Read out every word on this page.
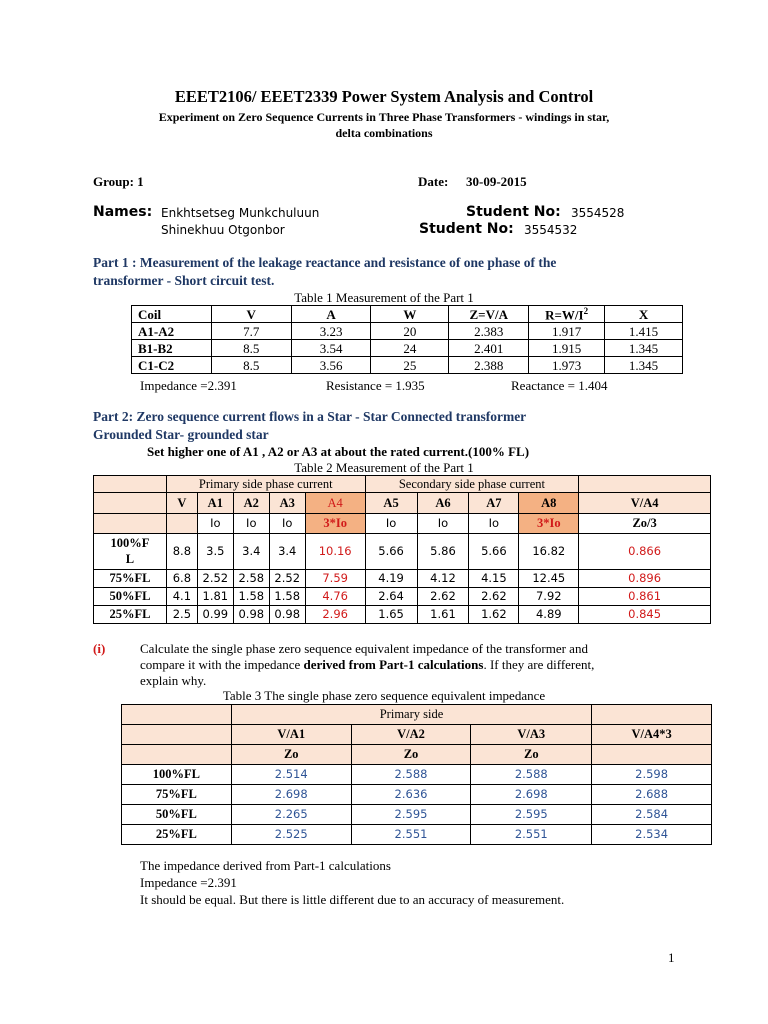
EEET2106/ EEET2339 Power System Analysis and Control
Experiment on Zero Sequence Currents in Three Phase Transformers - windings in star,
delta combinations
Group: 1	Date: 30-09-2015
Names: Enkhtsetseg Munkchuluun
Shinekhuu Otgonbor
Student No: 3554528
Student No: 3554532
Part 1 : Measurement of the leakage reactance and resistance of one phase of the
transformer - Short circuit test.
Table 1 Measurement of the Part 1
Coil	V	A	W	Z=V/A	$R=W/I^2$	X
A1-A2	7.7	3.23	20	2.383	1.917	1.415
B1-B2	8.5	3.54	24	2.401	1.915	1.345
C1-C2	8.5	3.56	25	2.388	1.973	1.345
Impedance =2.391	Resistance = 1.935	Reactance = 1.404
Part 2: Zero sequence current flows in a Star - Star Connected transformer
Grounded Star- grounded star
Set higher one of A1 , A2 or A3 at about the rated current.(100% FL)
Table 2 Measurement of the Part 1
	Primary side phase current					Secondary side phase current				
	V	A1	A2	A3	A4	A5	A6	A7	A8	V/A4
		Io	Io	Io	3*Io	Io	Io	Io	3*Io	Zo/3
100%F
L	8.8	3.5	3.4	3.4	10.16	5.66	5.86	5.66	16.82	0.866
75%FL	6.8	2.52	2.58	2.52	7.59	4.19	4.12	4.15	12.45	0.896
50%FL	4.1	1.81	1.58	1.58	4.76	2.64	2.62	2.62	7.92	0.861
25%FL	2.5	0.99	0.98	0.98	2.96	1.65	1.61	1.62	4.89	0.845
(i)	Calculate the single phase zero sequence equivalent impedance of the transformer and
compare it with the impedance derived from Part-1 calculations. If they are different,
explain why.
Table 3 The single phase zero sequence equivalent impedance
	Primary side			
	V/A1	V/A2	V/A3	V/A4*3
	Zo	Zo	Zo	
100%FL	2.514	2.588	2.588	2.598
75%FL	2.698	2.636	2.698	2.688
50%FL	2.265	2.595	2.595	2.584
25%FL	2.525	2.551	2.551	2.534
The impedance derived from Part-1 calculations
Impedance =2.391
It should be equal. But there is little different due to an accuracy of measurement.
1
